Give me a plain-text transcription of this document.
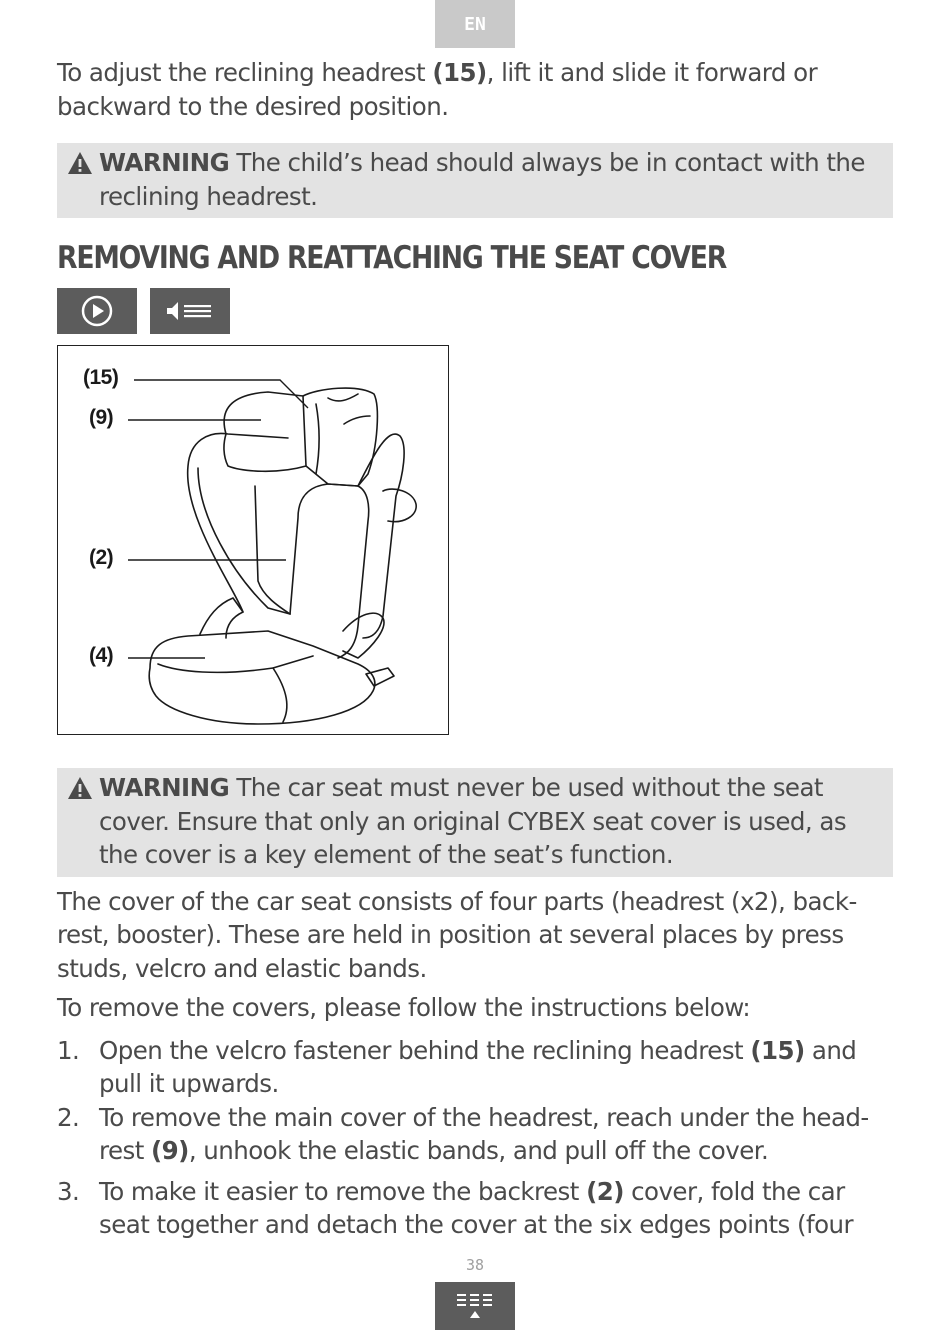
EN

To adjust the reclining headrest (15), lift it and slide it forward or backward to the desired position.

WARNING The child’s head should always be in contact with the reclining headrest.
REMOVING AND REATTACHING THE SEAT COVER
(15)
(9)
(2)
(4)
WARNING The car seat must never be used without the seat cover. Ensure that only an original CYBEX seat cover is used, as the cover is a key element of the seat’s function.

The cover of the car seat consists of four parts (headrest (x2), back-rest, booster). These are held in position at several places by press studs, velcro and elastic bands.

To remove the covers, please follow the instructions below:

1. Open the velcro fastener behind the reclining headrest (15) and pull it upwards.
2. To remove the main cover of the headrest, reach under the head-rest (9), unhook the elastic bands, and pull off the cover.
3. To make it easier to remove the backrest (2) cover, fold the car seat together and detach the cover at the six edges points (four
38
